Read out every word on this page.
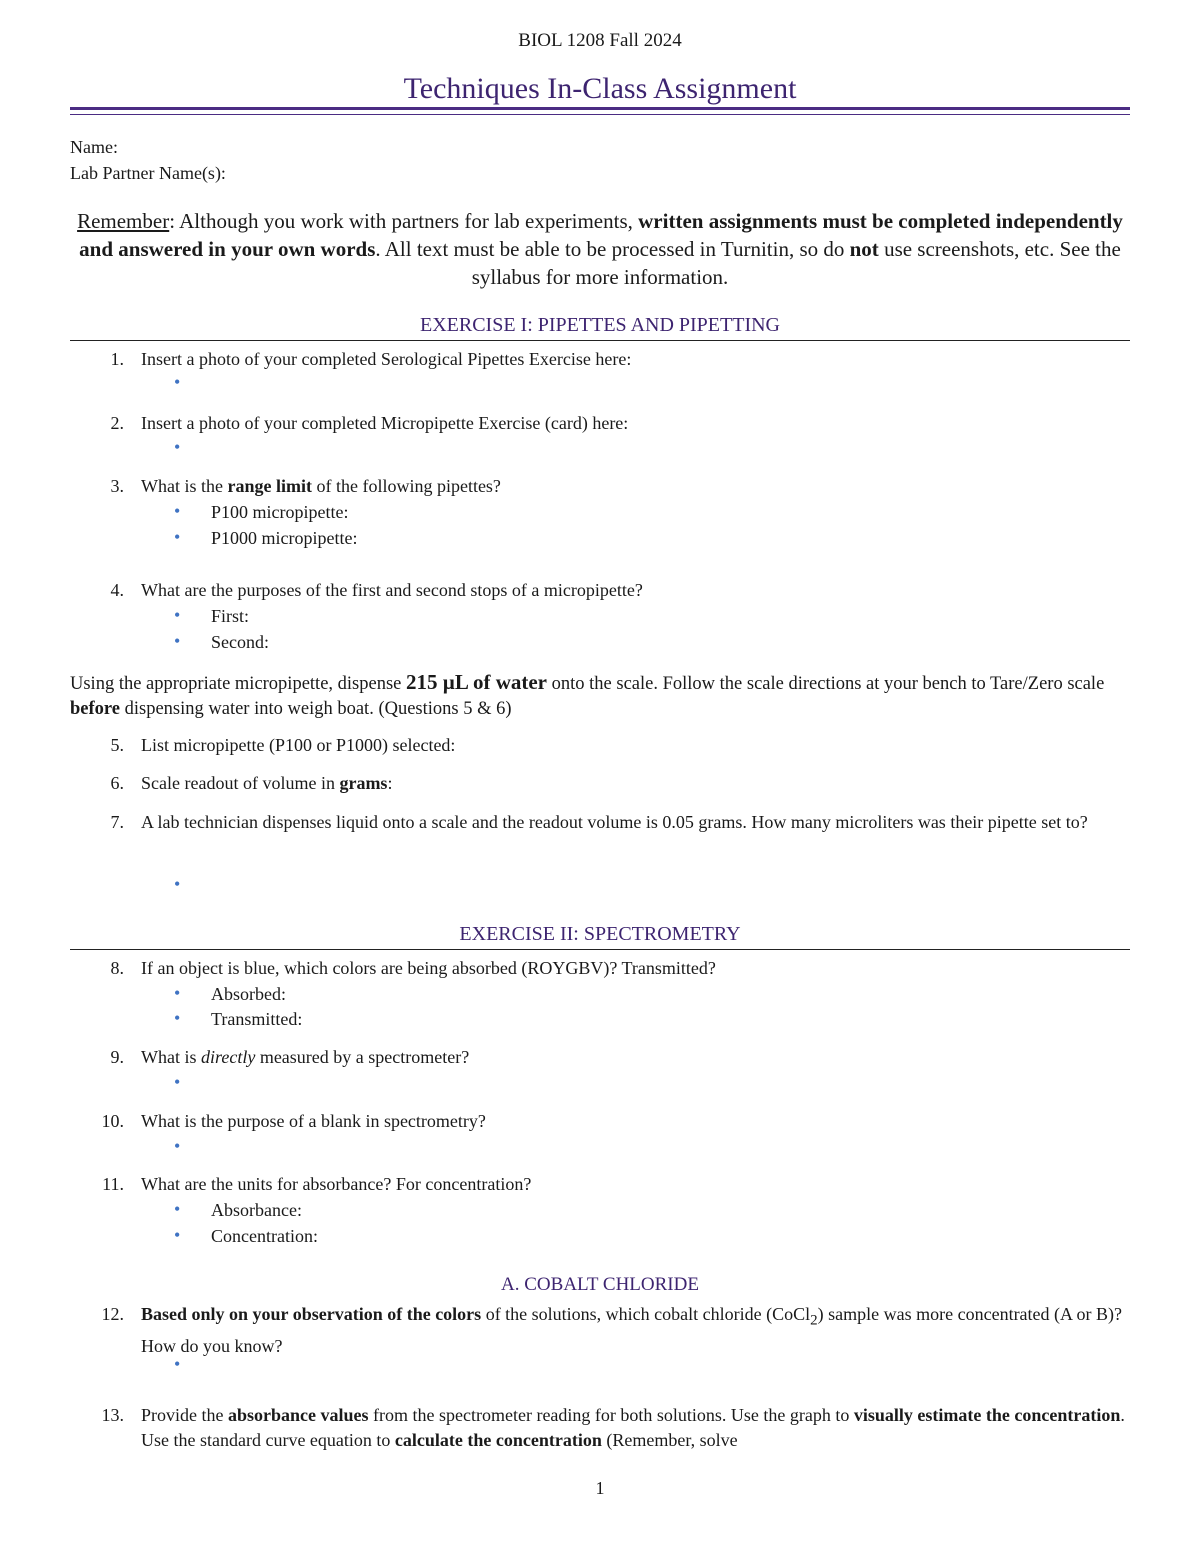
BIOL 1208 Fall 2024
Techniques In-Class Assignment
Name:
Lab Partner Name(s):
Remember: Although you work with partners for lab experiments, written assignments must be completed independently and answered in your own words. All text must be able to be processed in Turnitin, so do not use screenshots, etc. See the syllabus for more information.
EXERCISE I: PIPETTES AND PIPETTING
1. Insert a photo of your completed Serological Pipettes Exercise here:
•
2. Insert a photo of your completed Micropipette Exercise (card) here:
•
3. What is the range limit of the following pipettes?
• P100 micropipette:
• P1000 micropipette:
4. What are the purposes of the first and second stops of a micropipette?
• First:
• Second:
Using the appropriate micropipette, dispense 215 µL of water onto the scale. Follow the scale directions at your bench to Tare/Zero scale before dispensing water into weigh boat. (Questions 5 & 6)
5. List micropipette (P100 or P1000) selected:
6. Scale readout of volume in grams:
7. A lab technician dispenses liquid onto a scale and the readout volume is 0.05 grams. How many microliters was their pipette set to?
•
EXERCISE II: SPECTROMETRY
8. If an object is blue, which colors are being absorbed (ROYGBV)? Transmitted?
• Absorbed:
• Transmitted:
9. What is directly measured by a spectrometer?
•
10. What is the purpose of a blank in spectrometry?
•
11. What are the units for absorbance? For concentration?
• Absorbance:
• Concentration:
A. COBALT CHLORIDE
12. Based only on your observation of the colors of the solutions, which cobalt chloride (CoCl$_2$) sample was more concentrated (A or B)? How do you know?
•
13. Provide the absorbance values from the spectrometer reading for both solutions. Use the graph to visually estimate the concentration. Use the standard curve equation to calculate the concentration (Remember, solve
1
